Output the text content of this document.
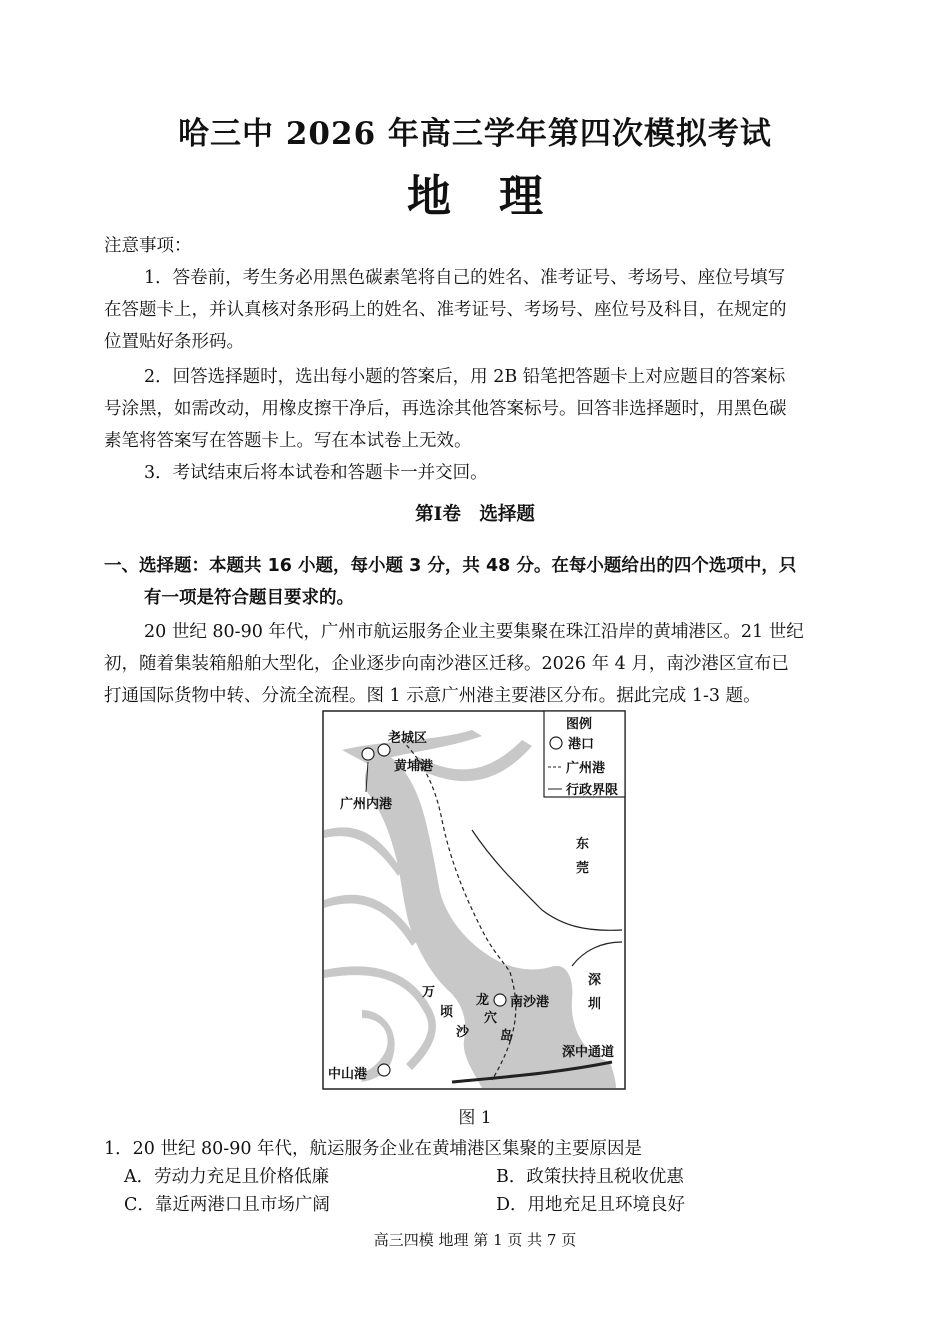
哈三中 2026 年高三学年第四次模拟考试
地理
注意事项：
1．答卷前，考生务必用黑色碳素笔将自己的姓名、准考证号、考场号、座位号填写
在答题卡上，并认真核对条形码上的姓名、准考证号、考场号、座位号及科目，在规定的
位置贴好条形码。
2．回答选择题时，选出每小题的答案后，用 2B 铅笔把答题卡上对应题目的答案标
号涂黑，如需改动，用橡皮擦干净后，再选涂其他答案标号。回答非选择题时，用黑色碳
素笔将答案写在答题卡上。写在本试卷上无效。
3．考试结束后将本试卷和答题卡一并交回。
第Ⅰ卷　选择题
一、选择题：本题共 16 小题，每小题 3 分，共 48 分。在每小题给出的四个选项中，只
有一项是符合题目要求的。
20 世纪 80-90 年代，广州市航运服务企业主要集聚在珠江沿岸的黄埔港区。21 世纪
初，随着集装箱船舶大型化，企业逐步向南沙港区迁移。2026 年 4 月，南沙港区宣布已
打通国际货物中转、分流全流程。图 1 示意广州港主要港区分布。据此完成 1-3 题。
图例
港口
广州港
行政界限
老城区
黄埔港
广州内港
东
莞
深
圳
万
顷
沙
龙
穴
岛
南沙港
深中通道
中山港
图 1
1．20 世纪 80-90 年代，航运服务企业在黄埔港区集聚的主要原因是
A．劳动力充足且价格低廉	B．政策扶持且税收优惠
C．靠近两港口且市场广阔	D．用地充足且环境良好
高三四模 地理 第 1 页 共 7 页
